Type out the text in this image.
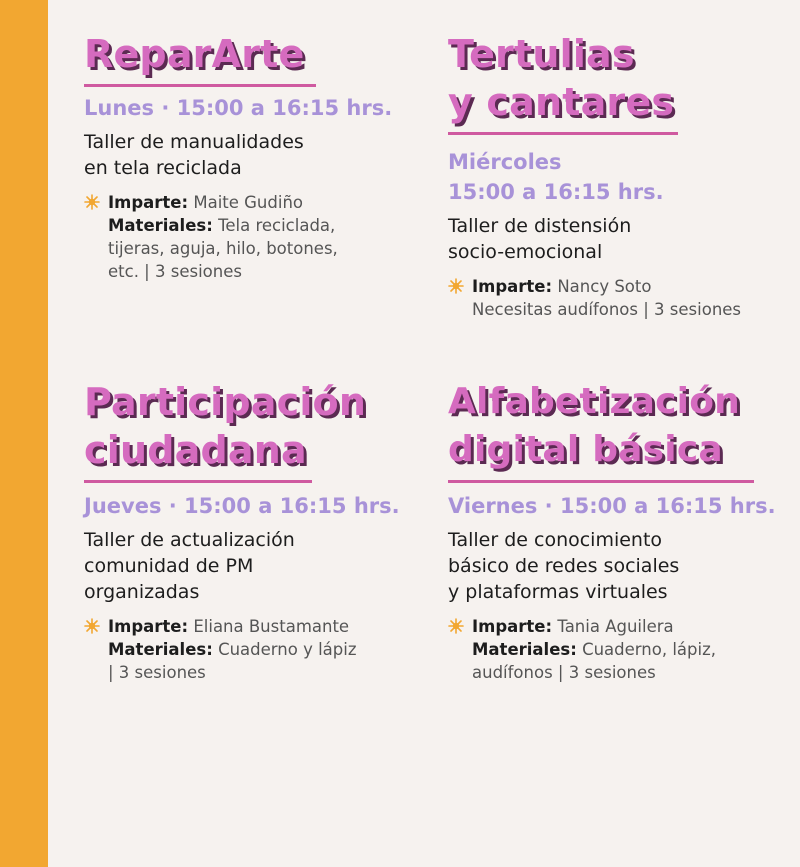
ReparArte
Lunes · 15:00 a 16:15 hrs.
Taller de manualidades
en tela reciclada
Imparte: Maite Gudiño
Materiales: Tela reciclada,
tijeras, aguja, hilo, botones,
etc. | 3 sesiones
Tertulias
y cantares
Miércoles
15:00 a 16:15 hrs.
Taller de distensión
socio-emocional
Imparte: Nancy Soto
Necesitas audífonos | 3 sesiones
Participación
ciudadana
Jueves · 15:00 a 16:15 hrs.
Taller de actualización
comunidad de PM
organizadas
Imparte: Eliana Bustamante
Materiales: Cuaderno y lápiz
| 3 sesiones
Alfabetización
digital básica
Viernes · 15:00 a 16:15 hrs.
Taller de conocimiento
básico de redes sociales
y plataformas virtuales
Imparte: Tania Aguilera
Materiales: Cuaderno, lápiz,
audífonos | 3 sesiones
